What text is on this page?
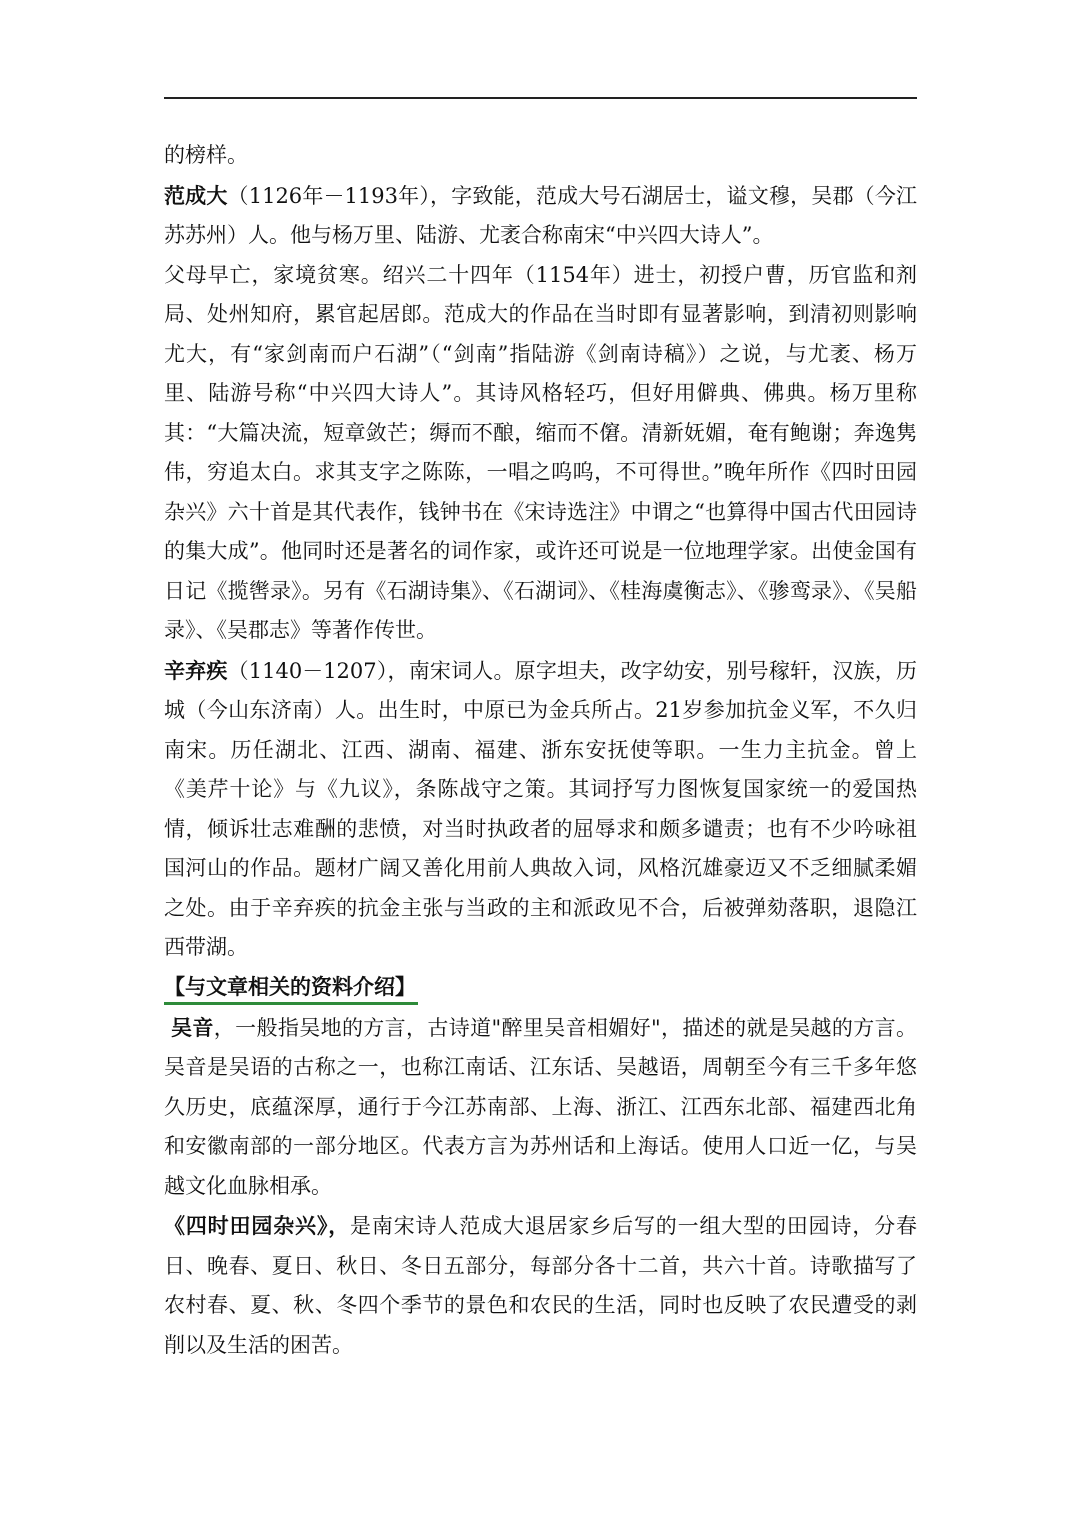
的榜样。

范成大（1126年－1193年），字致能，范成大号石湖居士，谥文穆，吴郡（今江苏苏州）人。他与杨万里、陆游、尤袤合称南宋“中兴四大诗人”。

父母早亡，家境贫寒。绍兴二十四年（1154年）进士，初授户曹，历官监和剂局、处州知府，累官起居郎。范成大的作品在当时即有显著影响，到清初则影响尤大，有“家剑南而户石湖”（“剑南”指陆游《剑南诗稿》）之说，与尤袤、杨万里、陆游号称“中兴四大诗人”。其诗风格轻巧，但好用僻典、佛典。杨万里称其：“大篇决流，短章敛芒；缛而不酿，缩而不僒。清新妩媚，奄有鲍谢；奔逸隽伟，穷追太白。求其支字之陈陈，一唱之呜呜，不可得世。”晚年所作《四时田园杂兴》六十首是其代表作，钱钟书在《宋诗选注》中谓之“也算得中国古代田园诗的集大成”。他同时还是著名的词作家，或许还可说是一位地理学家。出使金国有日记《揽辔录》。另有《石湖诗集》、《石湖词》、《桂海虞衡志》、《骖鸾录》、《吴船录》、《吴郡志》等著作传世。

辛弃疾（1140－1207），南宋词人。原字坦夫，改字幼安，别号稼轩，汉族，历城（今山东济南）人。出生时，中原已为金兵所占。21岁参加抗金义军，不久归南宋。历任湖北、江西、湖南、福建、浙东安抚使等职。一生力主抗金。曾上《美芹十论》与《九议》，条陈战守之策。其词抒写力图恢复国家统一的爱国热情，倾诉壮志难酬的悲愤，对当时执政者的屈辱求和颇多谴责；也有不少吟咏祖国河山的作品。题材广阔又善化用前人典故入词，风格沉雄豪迈又不乏细腻柔媚之处。由于辛弃疾的抗金主张与当政的主和派政见不合，后被弹劾落职，退隐江西带湖。

【与文章相关的资料介绍】

吴音，一般指吴地的方言，古诗道"醉里吴音相媚好"，描述的就是吴越的方言。吴音是吴语的古称之一，也称江南话、江东话、吴越语，周朝至今有三千多年悠久历史，底蕴深厚，通行于今江苏南部、上海、浙江、江西东北部、福建西北角和安徽南部的一部分地区。代表方言为苏州话和上海话。使用人口近一亿，与吴越文化血脉相承。

《四时田园杂兴》，是南宋诗人范成大退居家乡后写的一组大型的田园诗，分春日、晚春、夏日、秋日、冬日五部分，每部分各十二首，共六十首。诗歌描写了农村春、夏、秋、冬四个季节的景色和农民的生活，同时也反映了农民遭受的剥削以及生活的困苦。
